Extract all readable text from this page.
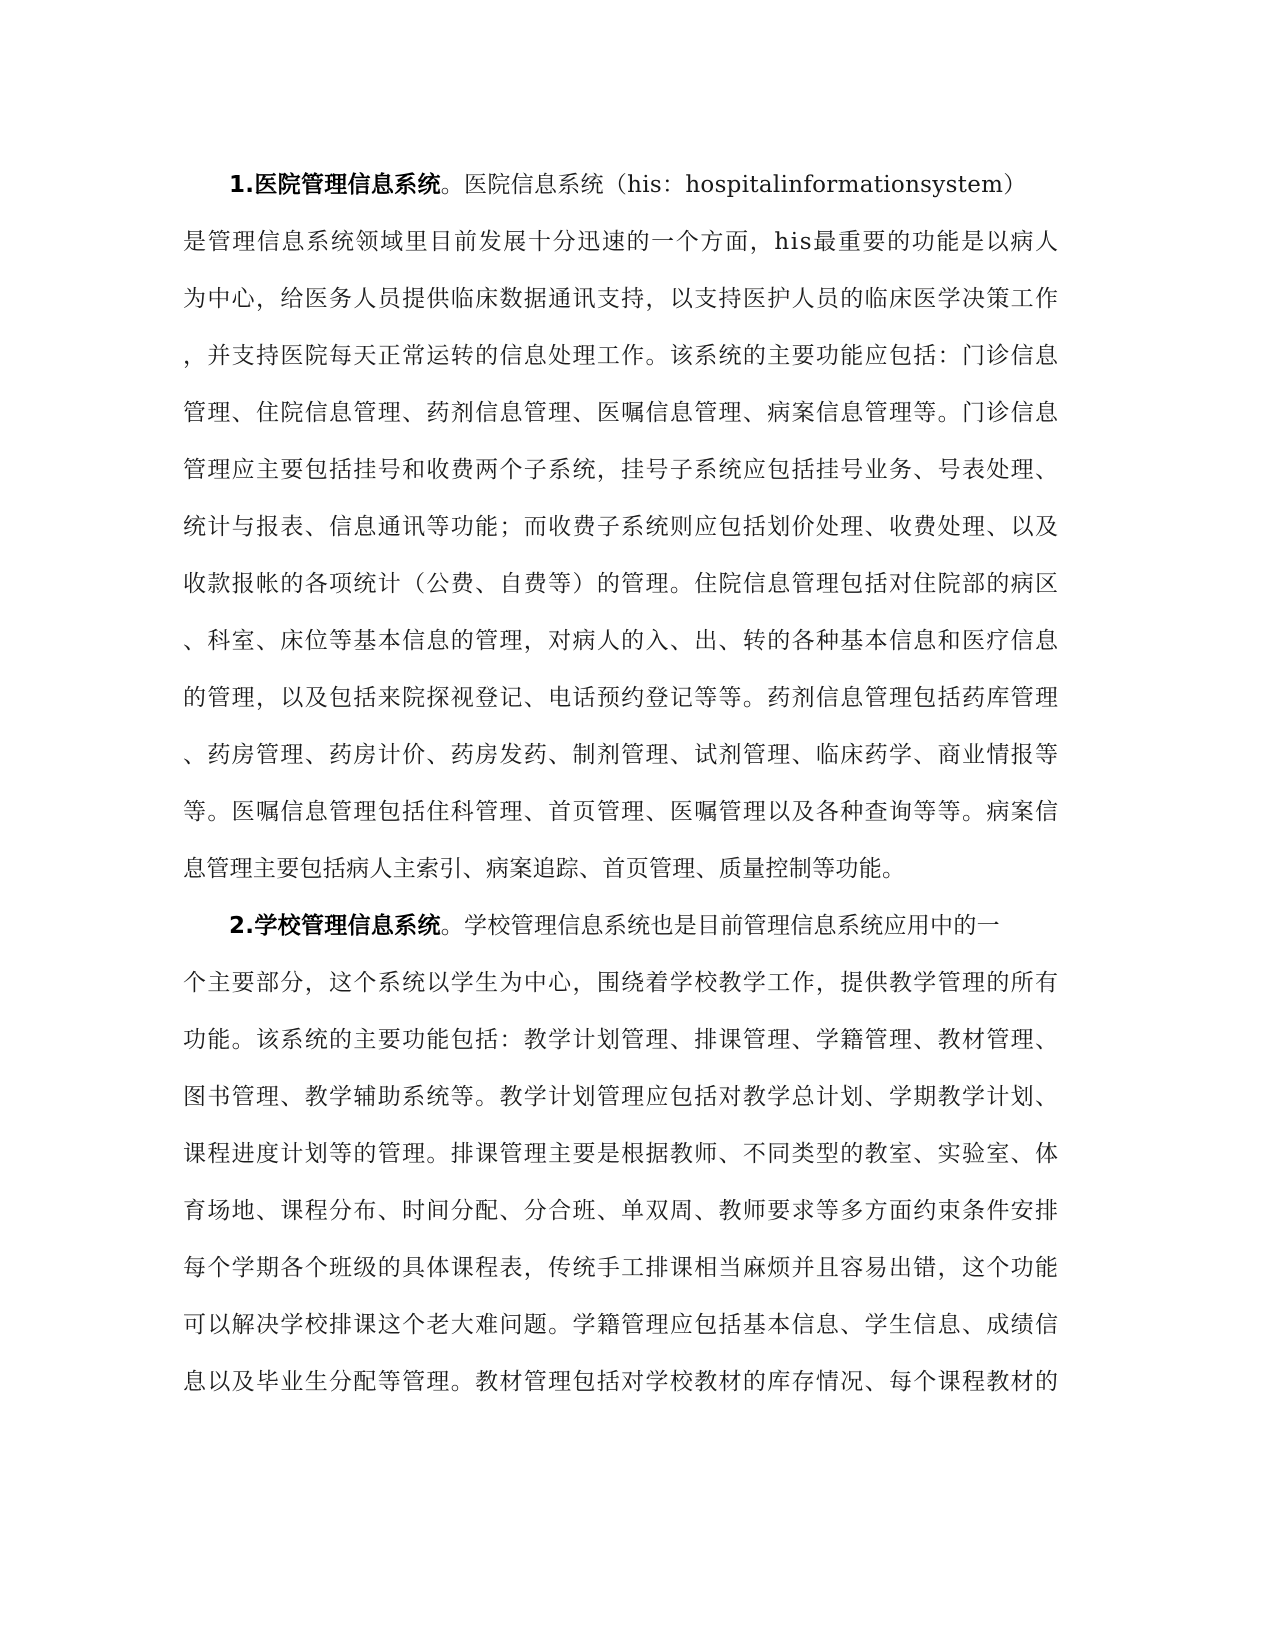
1.医院管理信息系统。医院信息系统（his：hospitalinformationsystem）
是管理信息系统领域里目前发展十分迅速的一个方面，his最重要的功能是以病人
为中心，给医务人员提供临床数据通讯支持，以支持医护人员的临床医学决策工作
，并支持医院每天正常运转的信息处理工作。该系统的主要功能应包括：门诊信息
管理、住院信息管理、药剂信息管理、医嘱信息管理、病案信息管理等。门诊信息
管理应主要包括挂号和收费两个子系统，挂号子系统应包括挂号业务、号表处理、
统计与报表、信息通讯等功能；而收费子系统则应包括划价处理、收费处理、以及
收款报帐的各项统计（公费、自费等）的管理。住院信息管理包括对住院部的病区
、科室、床位等基本信息的管理，对病人的入、出、转的各种基本信息和医疗信息
的管理，以及包括来院探视登记、电话预约登记等等。药剂信息管理包括药库管理
、药房管理、药房计价、药房发药、制剂管理、试剂管理、临床药学、商业情报等
等。医嘱信息管理包括住科管理、首页管理、医嘱管理以及各种查询等等。病案信
息管理主要包括病人主索引、病案追踪、首页管理、质量控制等功能。
2.学校管理信息系统。学校管理信息系统也是目前管理信息系统应用中的一
个主要部分，这个系统以学生为中心，围绕着学校教学工作，提供教学管理的所有
功能。该系统的主要功能包括：教学计划管理、排课管理、学籍管理、教材管理、
图书管理、教学辅助系统等。教学计划管理应包括对教学总计划、学期教学计划、
课程进度计划等的管理。排课管理主要是根据教师、不同类型的教室、实验室、体
育场地、课程分布、时间分配、分合班、单双周、教师要求等多方面约束条件安排
每个学期各个班级的具体课程表，传统手工排课相当麻烦并且容易出错，这个功能
可以解决学校排课这个老大难问题。学籍管理应包括基本信息、学生信息、成绩信
息以及毕业生分配等管理。教材管理包括对学校教材的库存情况、每个课程教材的
